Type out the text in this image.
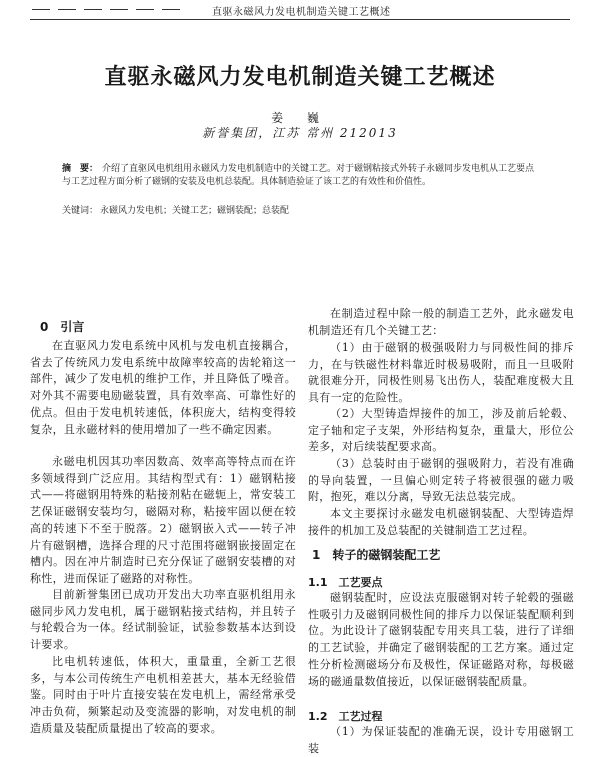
直驱永磁风力发电机制造关键工艺概述
直驱永磁风力发电机制造关键工艺概述
姜 巍
新誉集团，江苏 常州 212013
摘　要： 介绍了直驱风电机组用永磁风力发电机制造中的关键工艺。对于磁钢粘接式外转子永磁同步发电机从工艺要点与工艺过程方面分析了磁钢的安装及电机总装配。具体制造验证了该工艺的有效性和价值性。
关键词： 永磁风力发电机；关键工艺；磁钢装配；总装配
0　引言

在直驱风力发电系统中风机与发电机直接耦合，省去了传统风力发电系统中故障率较高的齿轮箱这一部件，减少了发电机的维护工作，并且降低了噪音。对外其不需要电励磁装置，具有效率高、可靠性好的优点。但由于发电机转速低，体积庞大，结构变得较复杂，且永磁材料的使用增加了一些不确定因素。

永磁电机因其功率因数高、效率高等特点而在许多领域得到广泛应用。其结构型式有：1）磁钢粘接式——将磁钢用特殊的粘接剂粘在磁轭上，常安装工艺保证磁钢安装均匀，磁隔对称，粘接牢固以便在较高的转速下不至于脱落。2）磁钢嵌入式——转子冲片有磁钢槽，选择合理的尺寸范围将磁钢嵌接固定在槽内。因在冲片制造时已充分保证了磁钢安装槽的对称性，进而保证了磁路的对称性。

目前新誉集团已成功开发出大功率直驱机组用永磁同步风力发电机，属于磁钢粘接式结构，并且转子与轮毂合为一体。经试制验证，试验参数基本达到设计要求。

比电机转速低，体积大，重量重，全新工艺很多，与本公司传统生产电机相差甚大，基本无经验借鉴。同时由于叶片直接安装在发电机上，需经常承受冲击负荷，频繁起动及变流器的影响，对发电机的制造质量及装配质量提出了较高的要求。

在制造过程中除一般的制造工艺外，此永磁发电机制造还有几个关键工艺：

（1）由于磁钢的极强吸附力与同极性间的排斥力，在与铁磁性材料靠近时极易吸附，而且一旦吸附就很难分开，同极性则易飞出伤人，装配难度极大且具有一定的危险性。

（2）大型铸造焊接件的加工，涉及前后轮毂、定子轴和定子支架，外形结构复杂，重量大，形位公差多，对后续装配要求高。

（3）总装时由于磁钢的强吸附力，若没有准确的导向装置，一旦偏心则定转子将被很强的磁力吸附，抱死，难以分离，导致无法总装完成。

本文主要探讨永磁发电机磁钢装配、大型铸造焊接件的机加工及总装配的关键制造工艺过程。

1　转子的磁钢装配工艺
1.1　工艺要点

磁钢装配时，应设法克服磁钢对转子轮毂的强磁性吸引力及磁钢同极性间的排斥力以保证装配顺利到位。为此设计了磁钢装配专用夹具工装，进行了详细的工艺试验，并确定了磁钢装配的工艺方案。通过定性分析检测磁场分布及极性，保证磁路对称，每极磁场的磁通量数值接近，以保证磁钢装配质量。

1.2　工艺过程

（1）为保证装配的准确无误，设计专用磁钢工装
